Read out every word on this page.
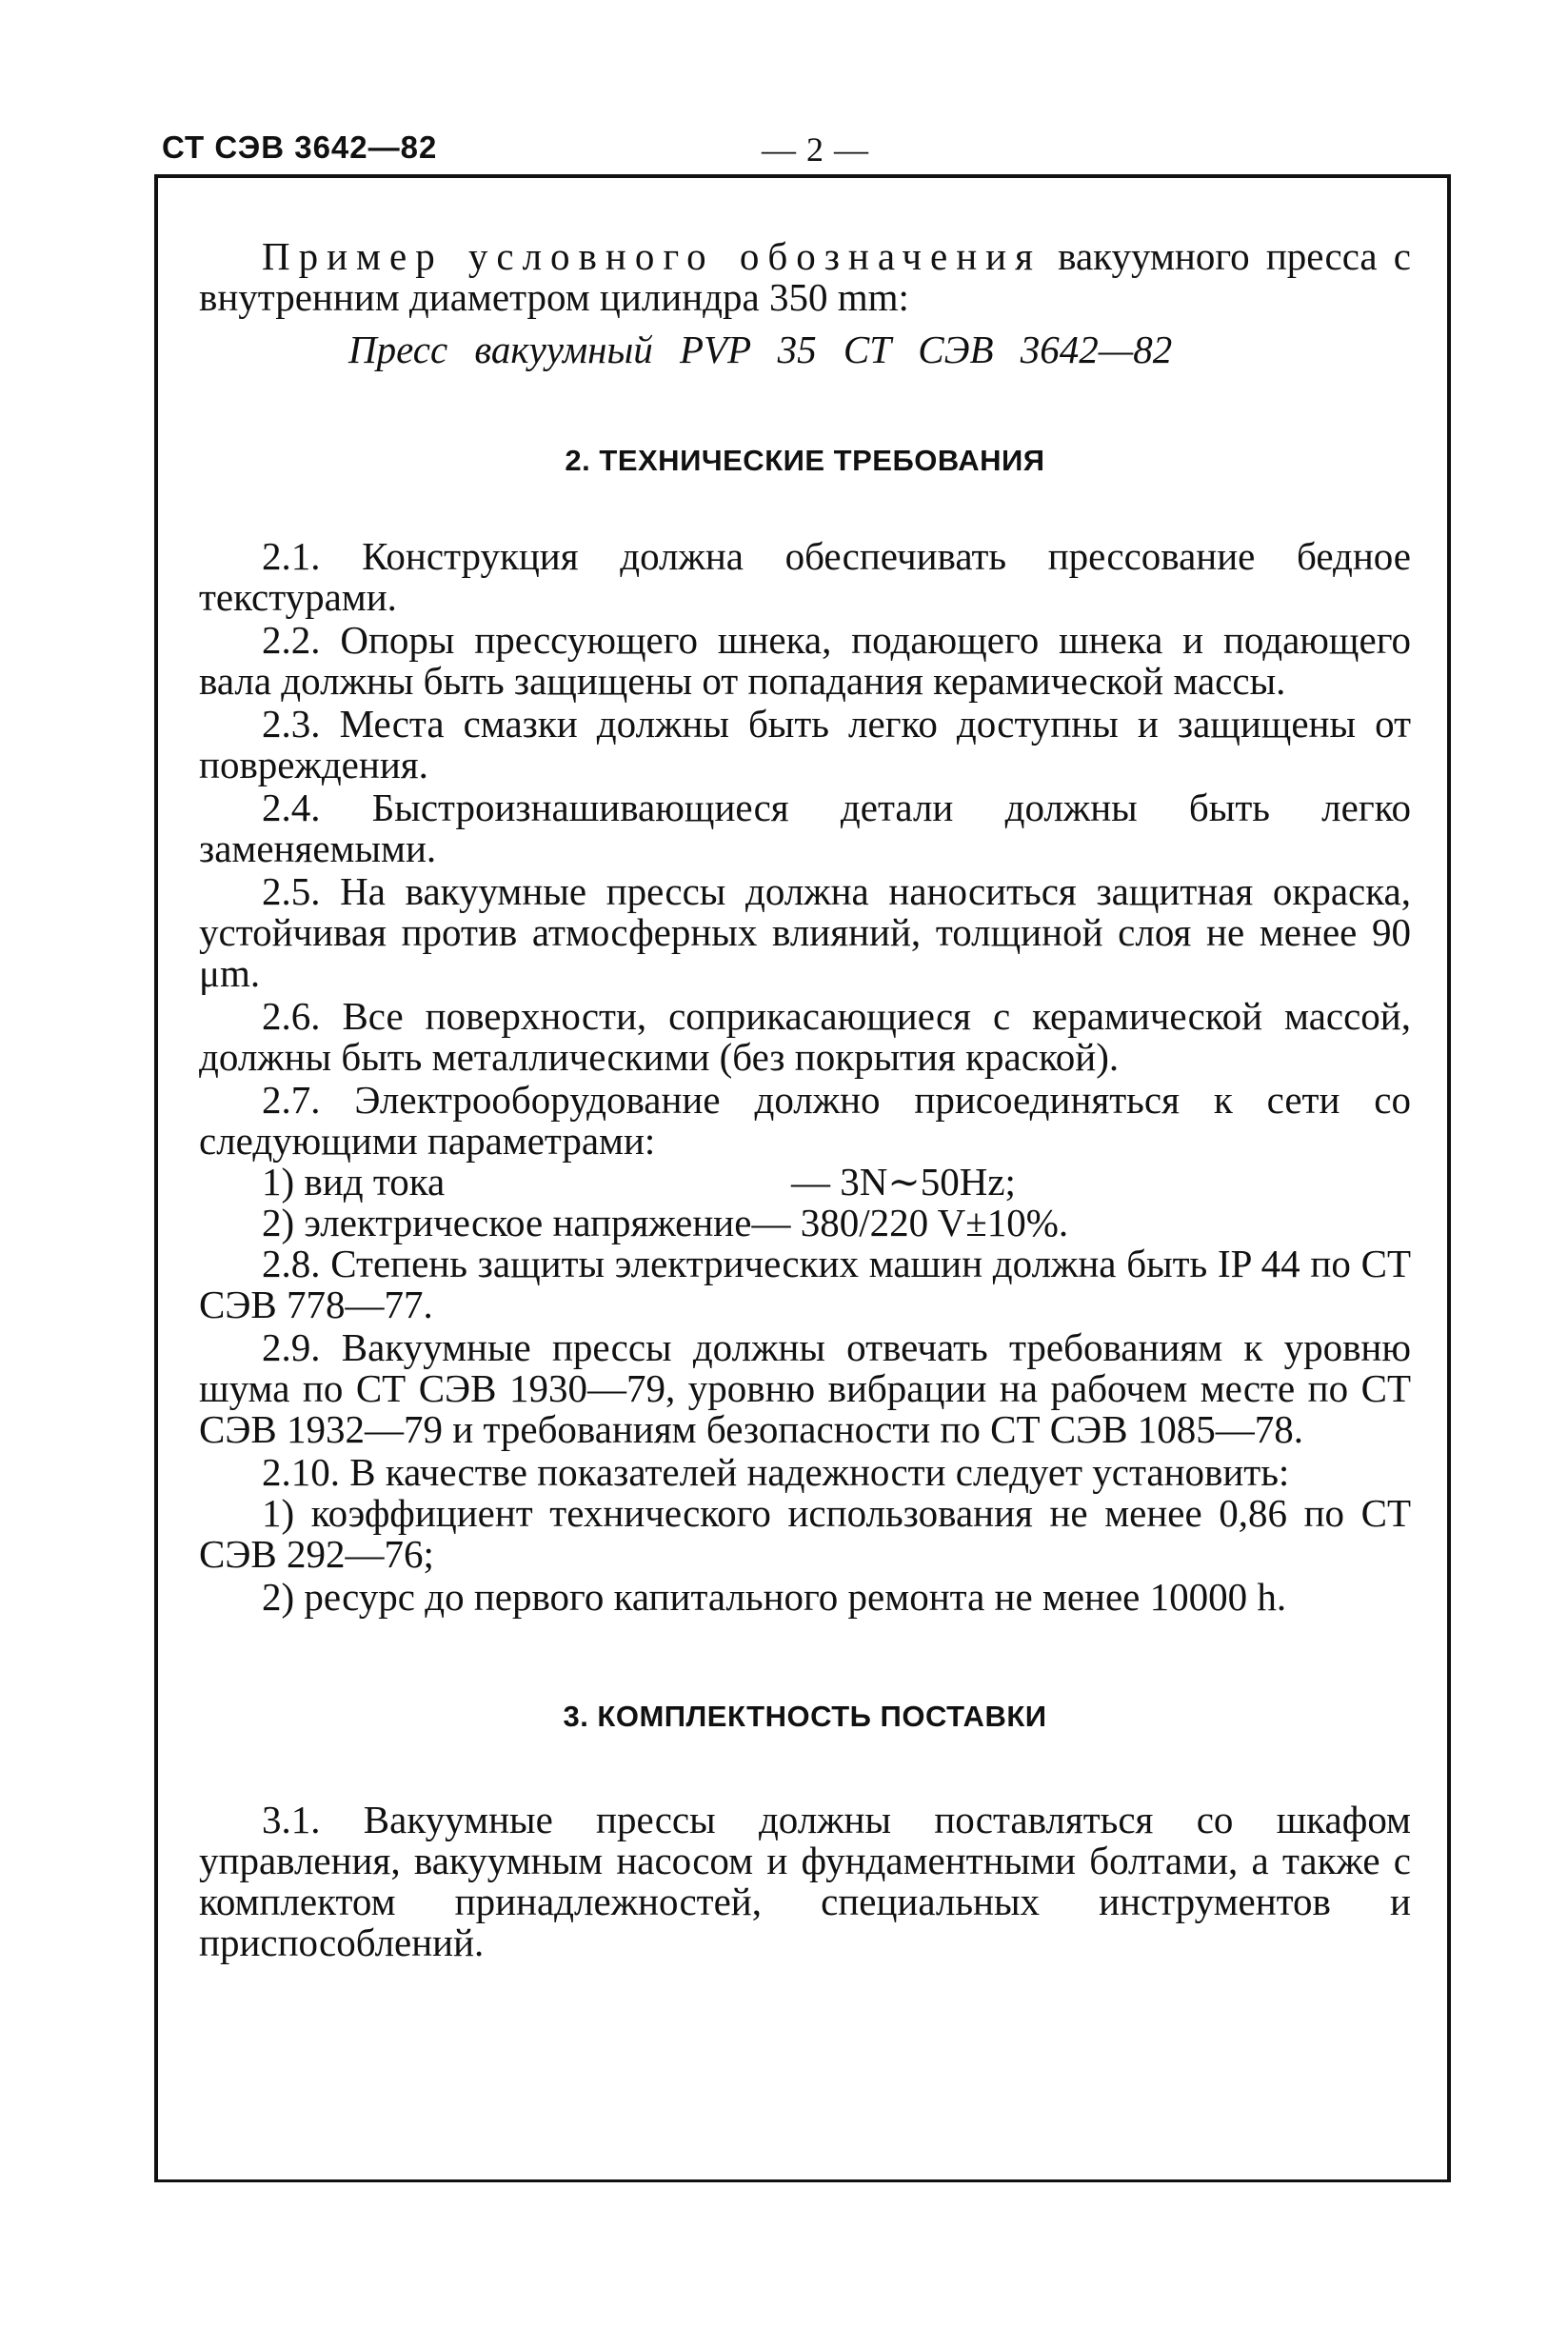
СТ СЭВ 3642—82	— 2 —

Пример условного обозначения вакуумного пресса с внутренним диаметром цилиндра 350 mm:

Пресс вакуумный PVP 35 СТ СЭВ 3642—82

2. ТЕХНИЧЕСКИЕ ТРЕБОВАНИЯ

2.1. Конструкция должна обеспечивать прессование бедное текстурами.

2.2. Опоры прессующего шнека, подающего шнека и подающего вала должны быть защищены от попадания керамической массы.

2.3. Места смазки должны быть легко доступны и защищены от повреждения.

2.4. Быстроизнашивающиеся детали должны быть легко заменяемыми.

2.5. На вакуумные прессы должна наноситься защитная окраска, устойчивая против атмосферных влияний, толщиной слоя не менее 90 μm.

2.6. Все поверхности, соприкасающиеся с керамической массой, должны быть металлическими (без покрытия краской).

2.7. Электрооборудование должно присоединяться к сети со следующими параметрами:

1) вид тока	— 3N∼50Hz;
2) электрическое напряжение — 380/220 V±10%.

2.8. Степень защиты электрических машин должна быть IP 44 по СТ СЭВ 778—77.

2.9. Вакуумные прессы должны отвечать требованиям к уровню шума по СТ СЭВ 1930—79, уровню вибрации на рабочем месте по СТ СЭВ 1932—79 и требованиям безопасности по СТ СЭВ 1085—78.

2.10. В качестве показателей надежности следует установить:

1) коэффициент технического использования не менее 0,86 по СТ СЭВ 292—76;

2) ресурс до первого капитального ремонта не менее 10000 h.

3. КОМПЛЕКТНОСТЬ ПОСТАВКИ

3.1. Вакуумные прессы должны поставляться со шкафом управления, вакуумным насосом и фундаментными болтами, а также с комплектом принадлежностей, специальных инструментов и приспособлений.
